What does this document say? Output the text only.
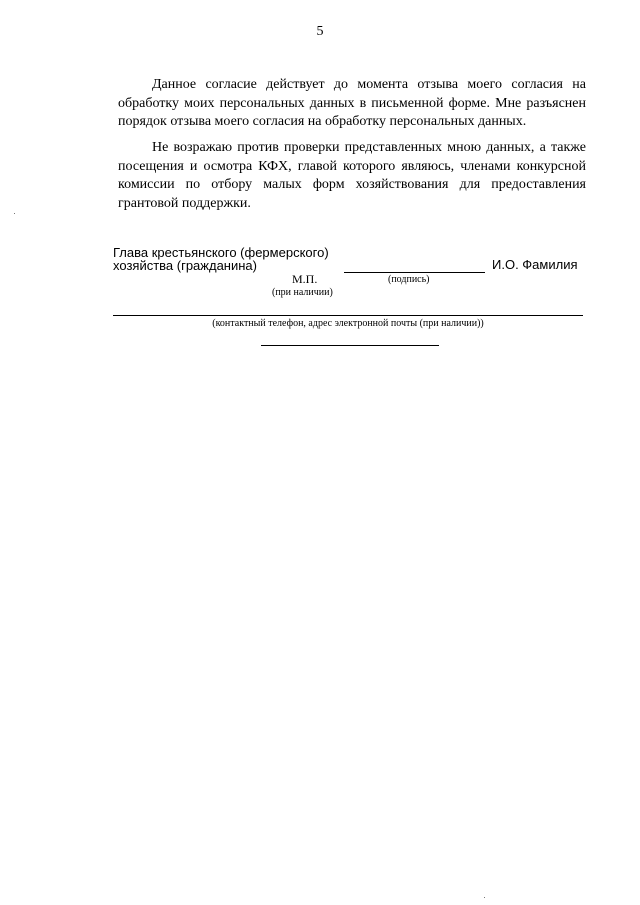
5
Данное согласие действует до момента отзыва моего согласия на
обработку моих персональных данных в письменной форме. Мне разъяснен
порядок отзыва моего согласия на обработку персональных данных.
Не возражаю против проверки представленных мною данных, а также
посещения и осмотра КФХ, главой которого являюсь, членами конкурсной
комиссии по отбору малых форм хозяйствования для предоставления
грантовой поддержки.
Глава крестьянского (фермерского)
хозяйства (гражданина)
М.П.
(при наличии)
(подпись)
И.О. Фамилия
(контактный телефон, адрес электронной почты (при наличии))
